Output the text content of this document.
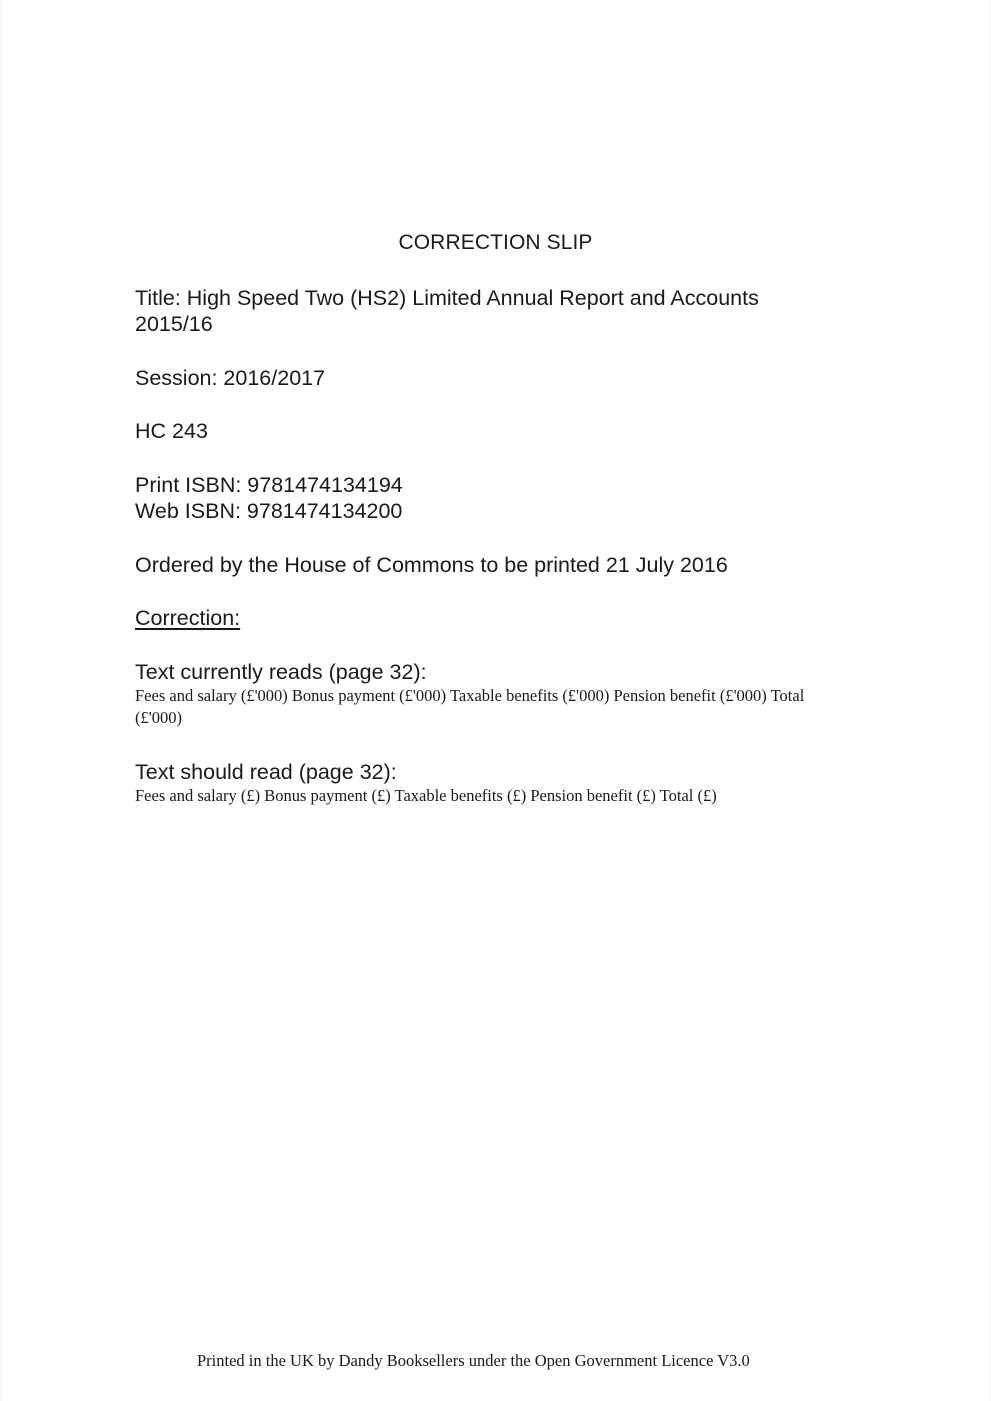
CORRECTION SLIP
Title: High Speed Two (HS2) Limited Annual Report and Accounts
2015/16
Session: 2016/2017
HC 243
Print ISBN: 9781474134194
Web ISBN: 9781474134200
Ordered by the House of Commons to be printed 21 July 2016
Correction:
Text currently reads (page 32):
Fees and salary (£'000) Bonus payment (£'000) Taxable benefits (£'000) Pension benefit (£'000) Total (£'000)
Text should read (page 32):
Fees and salary (£) Bonus payment (£) Taxable benefits (£) Pension benefit (£) Total (£)
Printed in the UK by Dandy Booksellers under the Open Government Licence V3.0
